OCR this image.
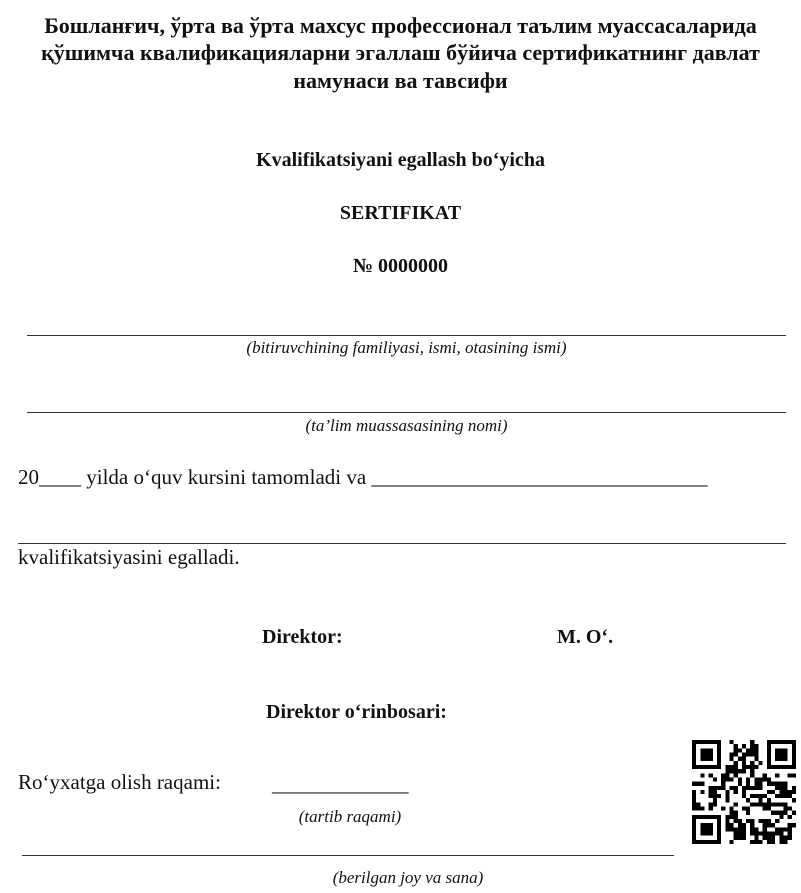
Бошланғич, ўрта ва ўрта махсус профессионал таълим муассасаларида
қўшимча квалификацияларни эгаллаш бўйича сертификатнинг давлат
намунаси ва тавсифи
Kvalifikatsiyani egallash bo‘yicha
SERTIFIKAT
№ 0000000
(bitiruvchining familiyasi, ismi, otasining ismi)
(ta’lim muassasasining nomi)
20____ yilda o‘quv kursini tamomladi va ________________________________
kvalifikatsiyasini egalladi.
Direktor:	M. O‘.
Direktor o‘rinbosari:
Ro‘yxatga olish raqami: _____________
(tartib raqami)
(berilgan joy va sana)
